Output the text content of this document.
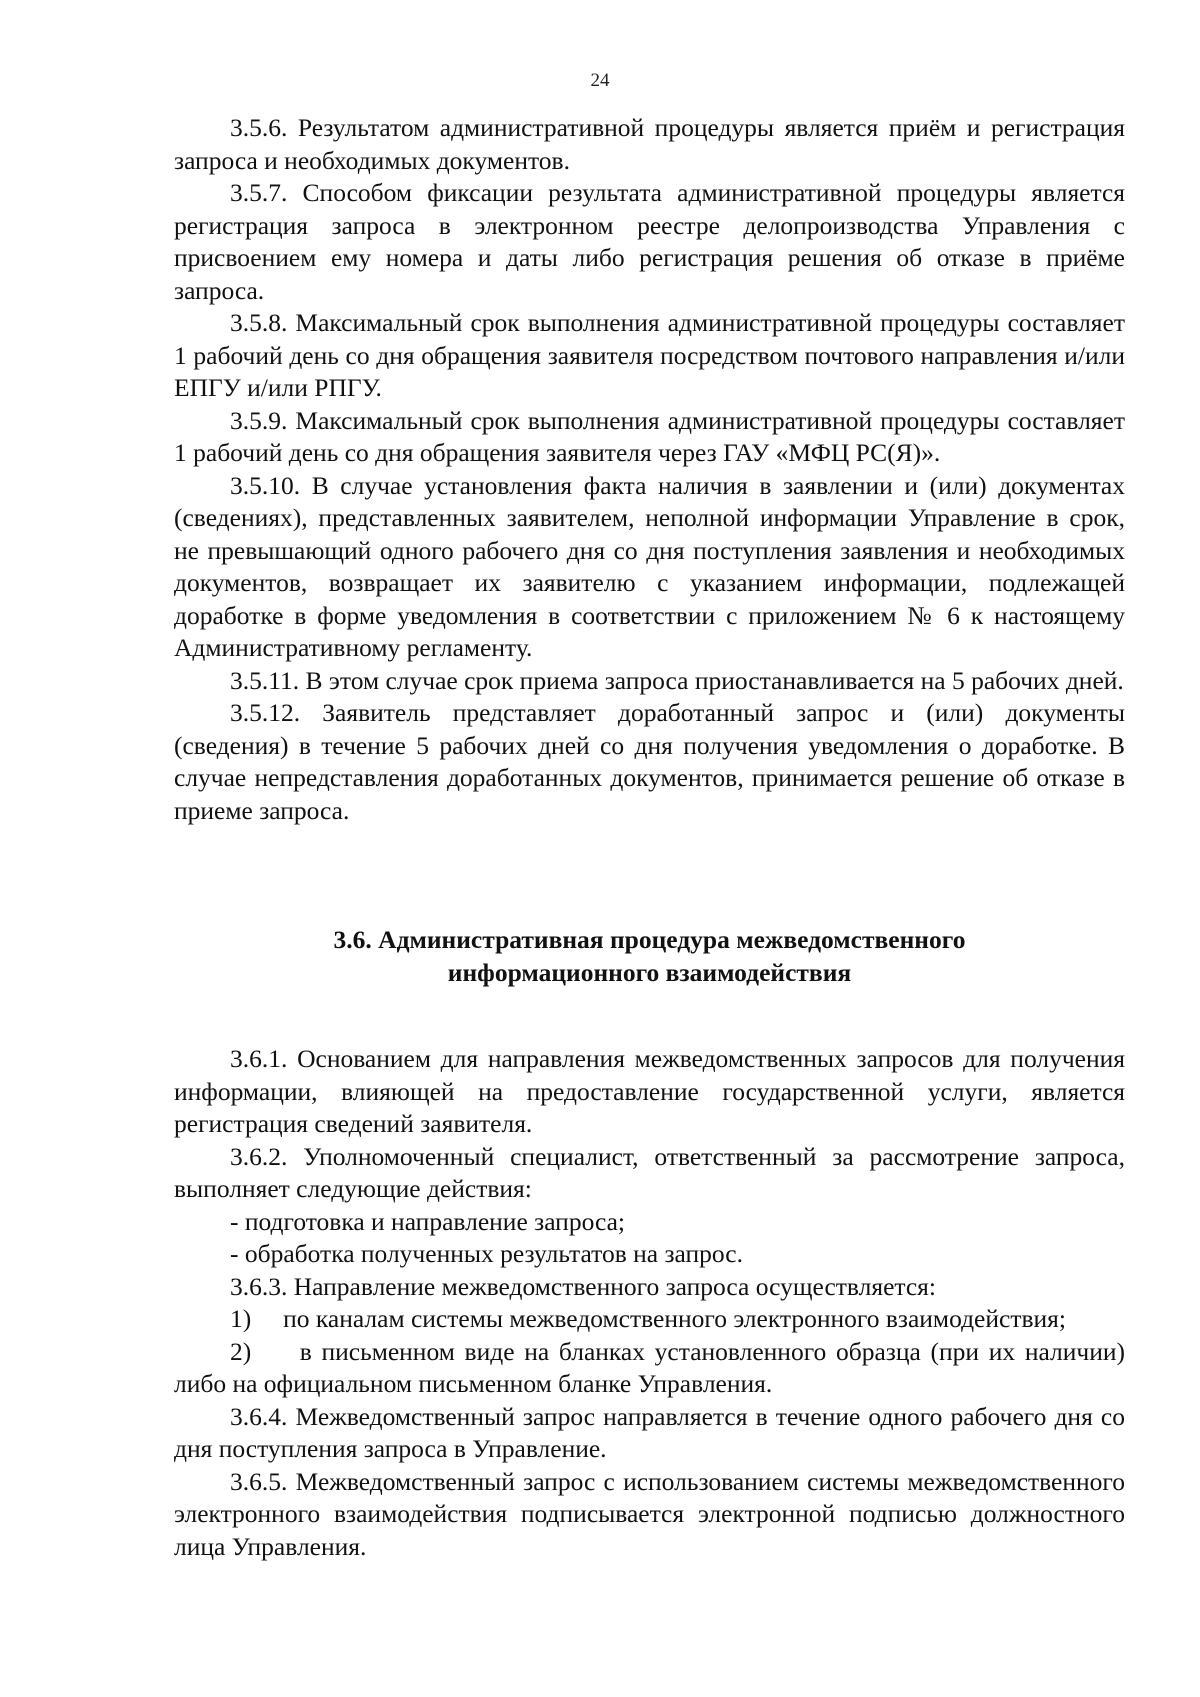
24

3.5.6. Результатом административной процедуры является приём и регистрация запроса и необходимых документов.

3.5.7. Способом фиксации результата административной процедуры является регистрация запроса в электронном реестре делопроизводства Управления с присвоением ему номера и даты либо регистрация решения об отказе в приёме запроса.

3.5.8. Максимальный срок выполнения административной процедуры составляет 1 рабочий день со дня обращения заявителя посредством почтового направления и/или ЕПГУ и/или РПГУ.

3.5.9. Максимальный срок выполнения административной процедуры составляет 1 рабочий день со дня обращения заявителя через ГАУ «МФЦ РС(Я)».

3.5.10. В случае установления факта наличия в заявлении и (или) документах (сведениях), представленных заявителем, неполной информации Управление в срок, не превышающий одного рабочего дня со дня поступления заявления и необходимых документов, возвращает их заявителю с указанием информации, подлежащей доработке в форме уведомления в соответствии с приложением № 6 к настоящему Административному регламенту.

3.5.11. В этом случае срок приема запроса приостанавливается на 5 рабочих дней.

3.5.12. Заявитель представляет доработанный запрос и (или) документы (сведения) в течение 5 рабочих дней со дня получения уведомления о доработке. В случае непредставления доработанных документов, принимается решение об отказе в приеме запроса.

3.6. Административная процедура межведомственного
информационного взаимодействия

3.6.1. Основанием для направления межведомственных запросов для получения информации, влияющей на предоставление государственной услуги, является регистрация сведений заявителя.

3.6.2. Уполномоченный специалист, ответственный за рассмотрение запроса, выполняет следующие действия:

- подготовка и направление запроса;

- обработка полученных результатов на запрос.

3.6.3. Направление межведомственного запроса осуществляется:

1)     по каналам системы межведомственного электронного взаимодействия;

2)     в письменном виде на бланках установленного образца (при их наличии) либо на официальном письменном бланке Управления.

3.6.4. Межведомственный запрос направляется в течение одного рабочего дня со дня поступления запроса в Управление.

3.6.5. Межведомственный запрос с использованием системы межведомственного электронного взаимодействия подписывается электронной подписью должностного лица Управления.
